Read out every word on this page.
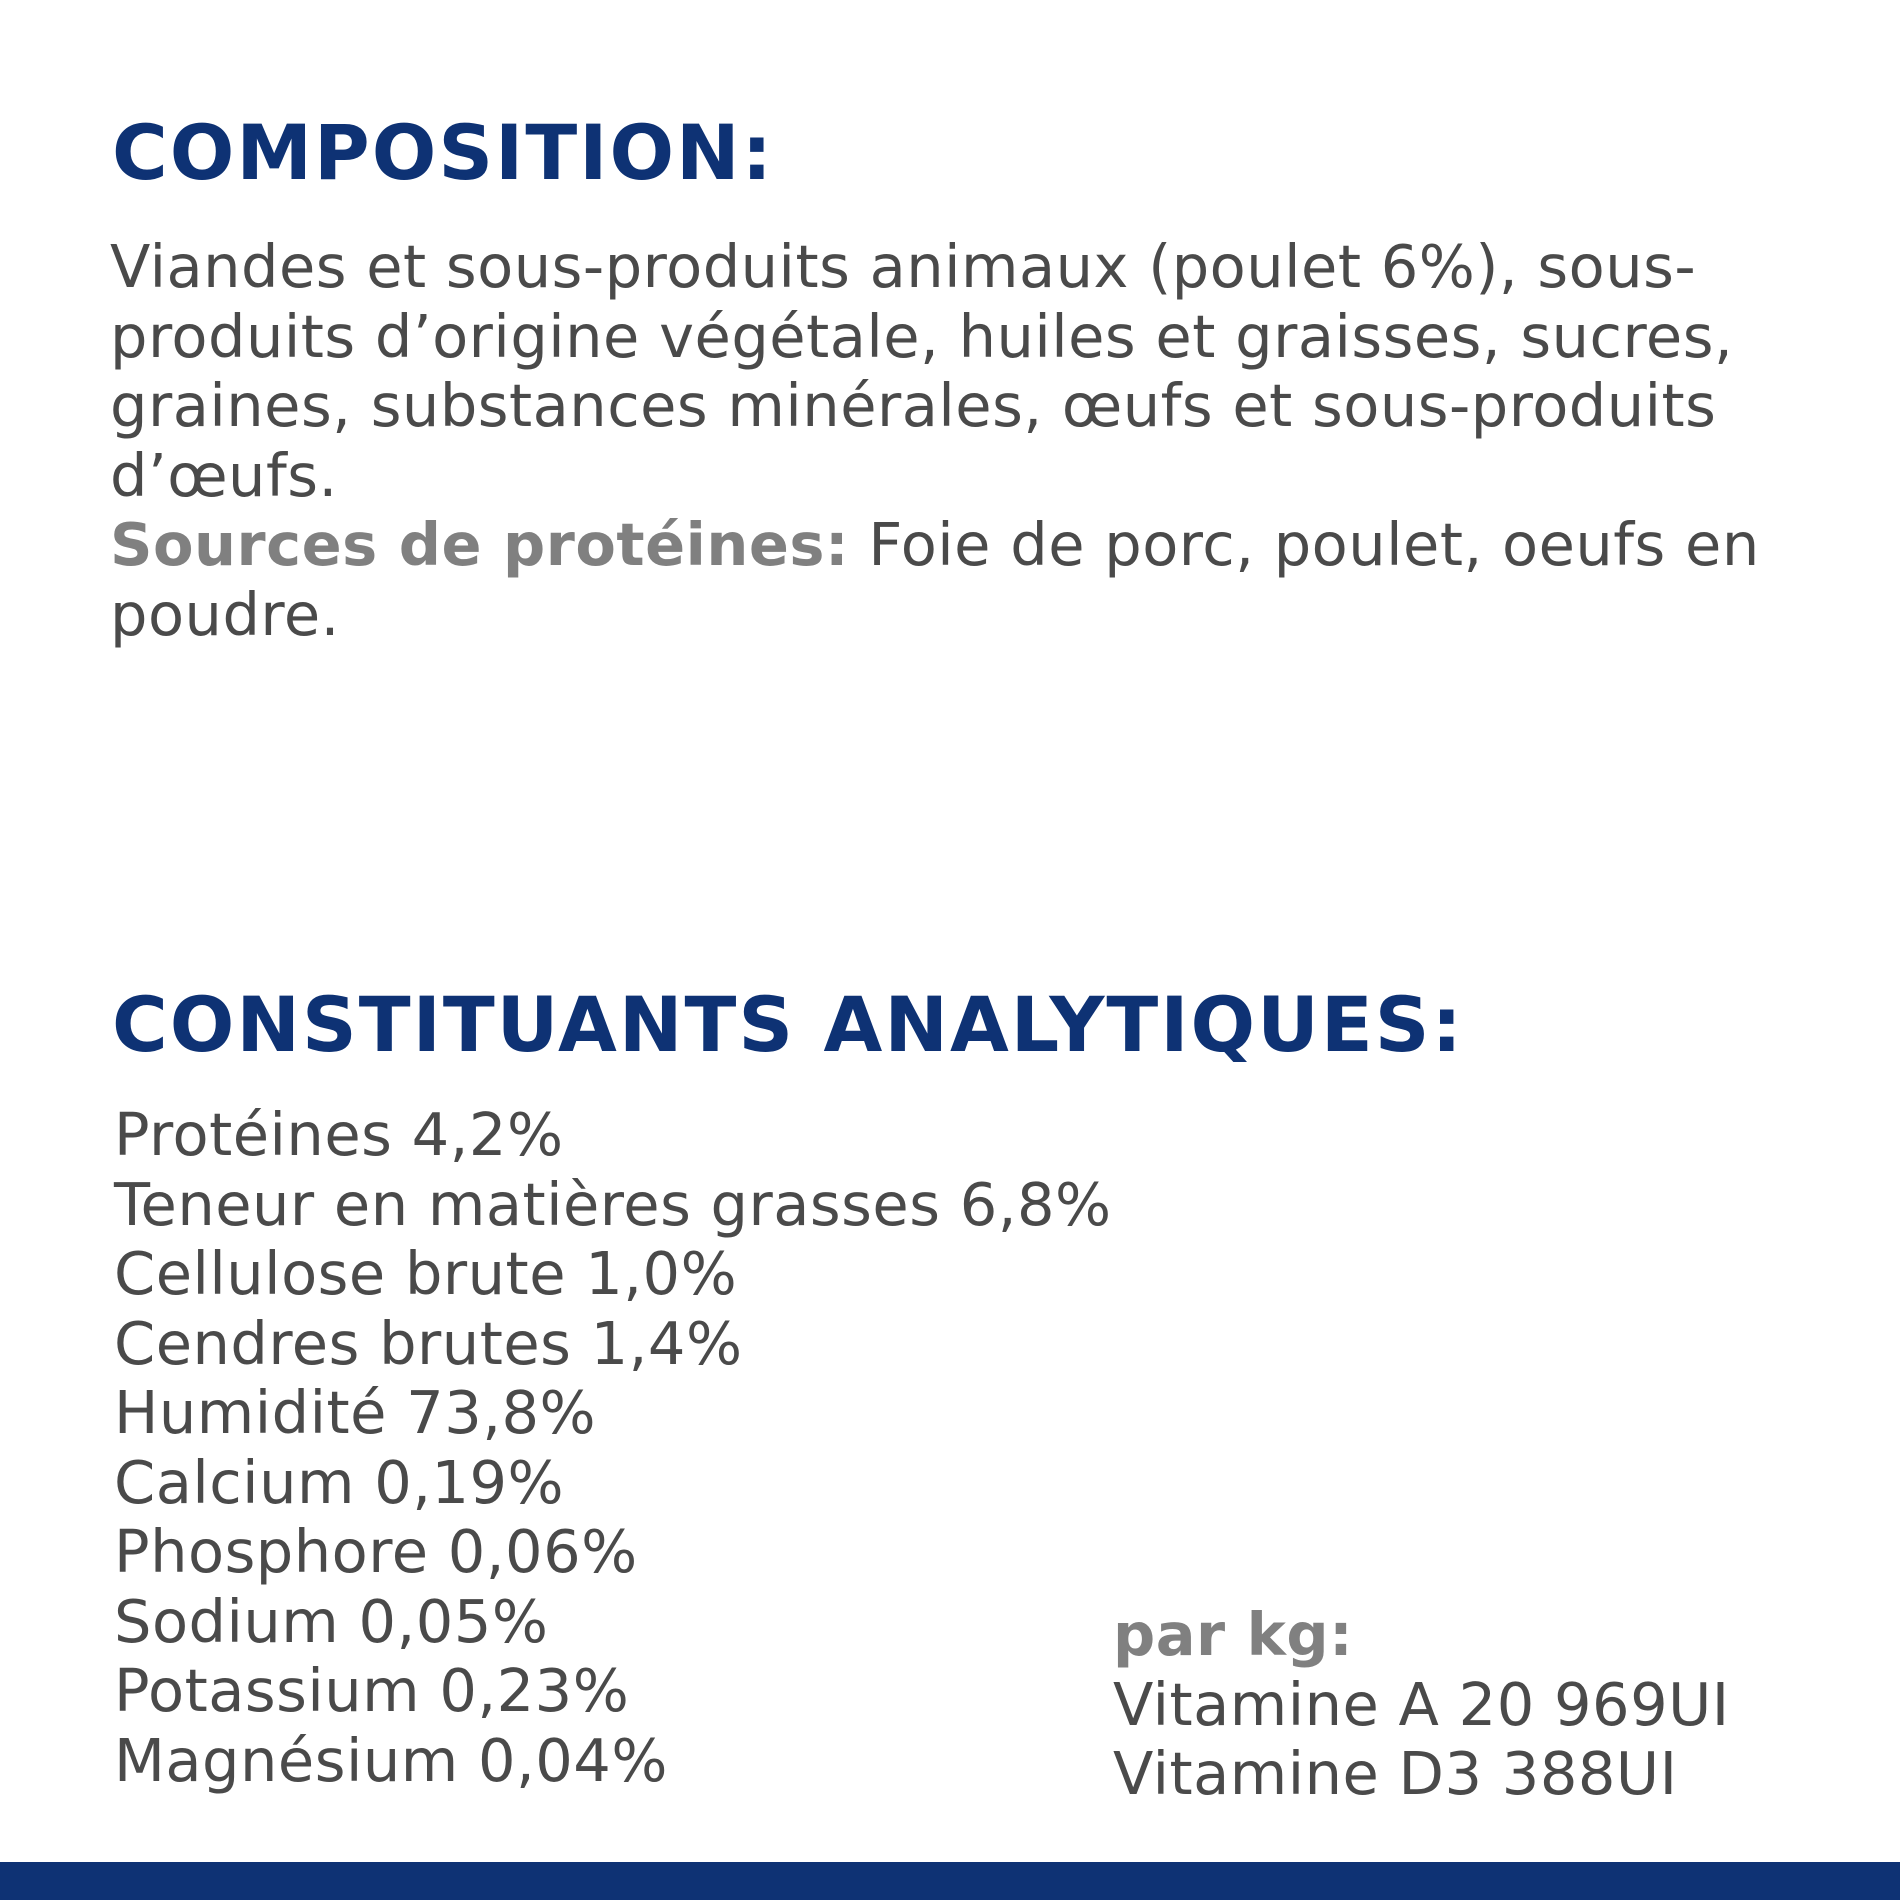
COMPOSITION:

Viandes et sous-produits animaux (poulet 6%), sous-produits d’origine végétale, huiles et graisses, sucres, graines, substances minérales, œufs et sous-produits d’œufs.
Sources de protéines: Foie de porc, poulet, oeufs en poudre.

CONSTITUANTS ANALYTIQUES:
Protéines 4,2%
Teneur en matières grasses 6,8%
Cellulose brute 1,0%
Cendres brutes 1,4%
Humidité 73,8%
Calcium 0,19%
Phosphore 0,06%
Sodium 0,05%
Potassium 0,23%
Magnésium 0,04%
par kg:
Vitamine A 20 969UI
Vitamine D3 388UI
